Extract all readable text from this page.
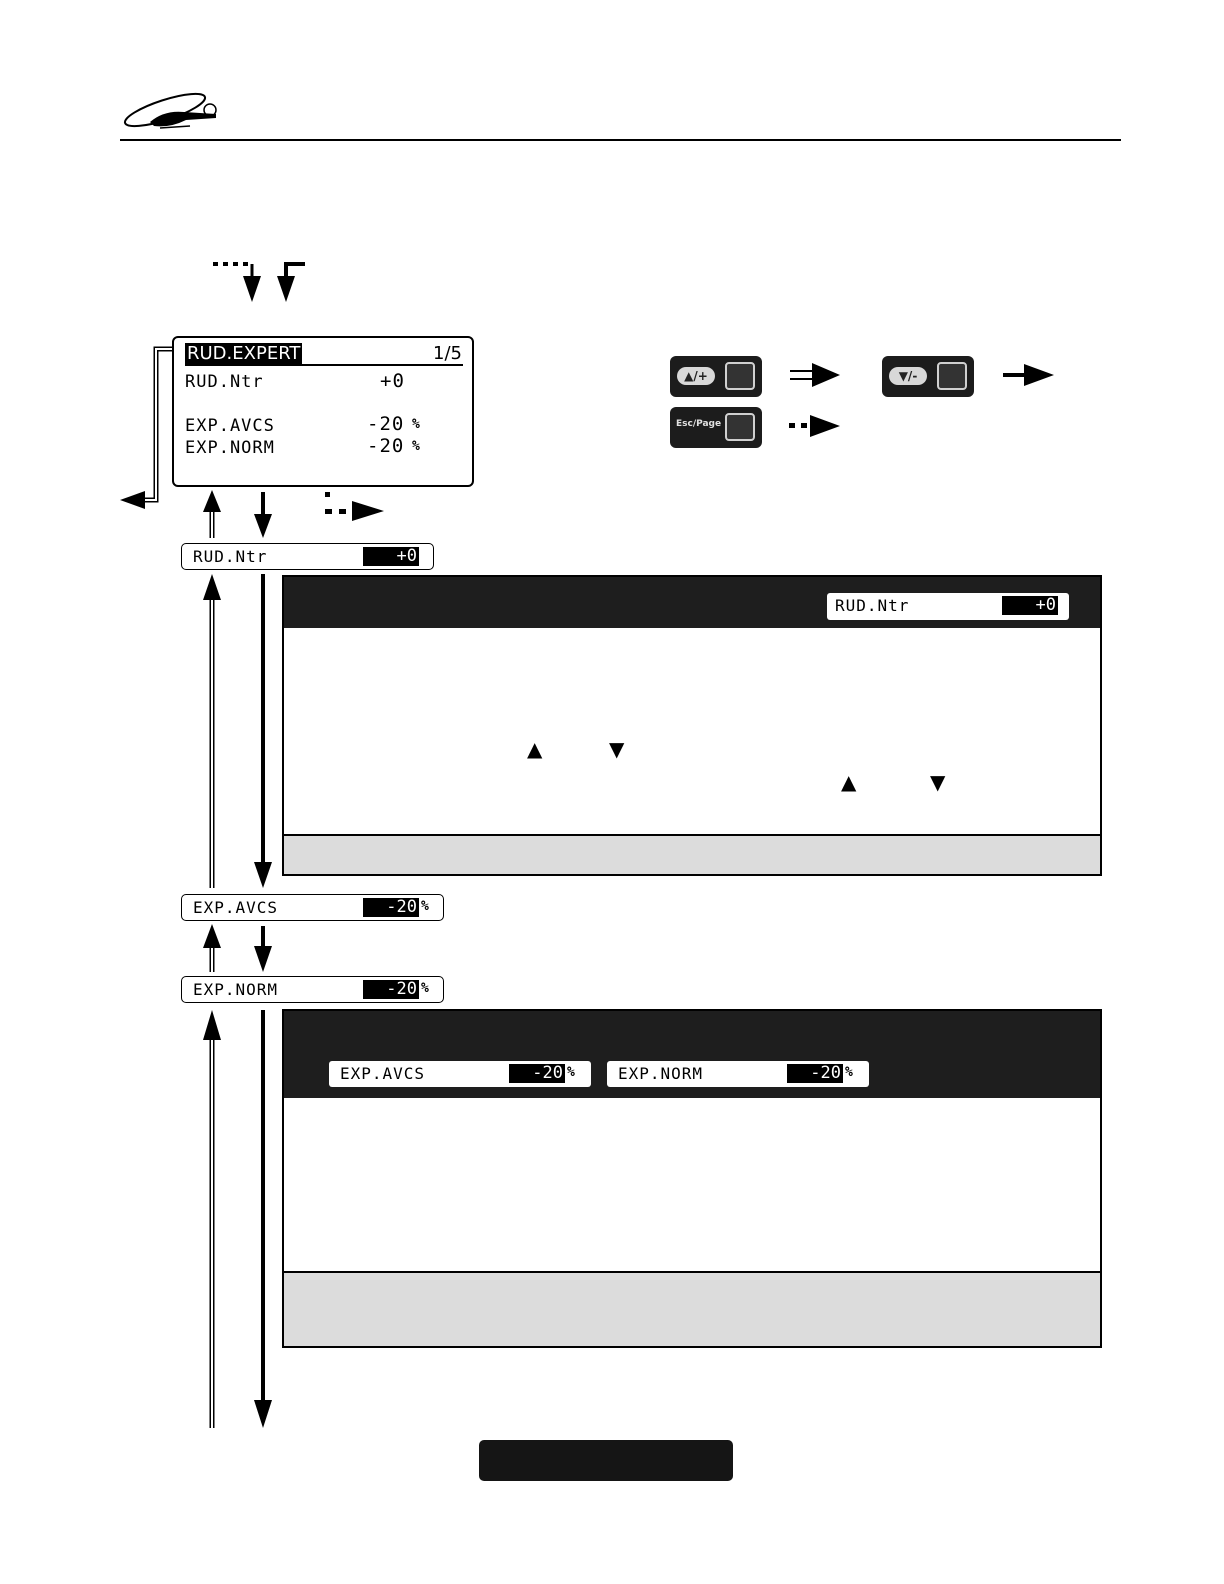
RUD.EXPERT	1/5
RUD.Ntr	+0
EXP.AVCS	-20 %
EXP.NORM	-20 %
▲/+	▼/-
Esc/Page
RUD.Ntr	+0
RUD.Ntr	+0
▲	▼
▲	▼
EXP.AVCS	-20 %
EXP.NORM	-20 %
EXP.AVCS	-20 %	EXP.NORM	-20 %
